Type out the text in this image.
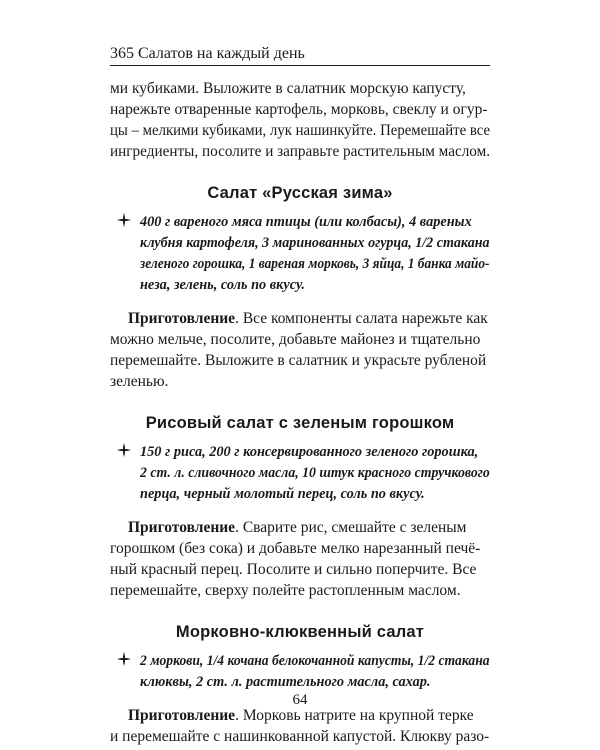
365 Салатов на каждый день
ми кубиками. Выложите в салатник морскую капусту,
нарежьте отваренные картофель, морковь, свеклу и огур-
цы – мелкими кубиками, лук нашинкуйте. Перемешайте все
ингредиенты, посолите и заправьте растительным маслом.
Салат «Русская зима»
400 г вареного мяса птицы (или колбасы), 4 вареных
клубня картофеля, 3 маринованных огурца, 1/2 стакана
зеленого горошка, 1 вареная морковь, 3 яйца, 1 банка майо-
неза, зелень, соль по вкусу.
Приготовление. Все компоненты салата нарежьте как
можно мельче, посолите, добавьте майонез и тщательно
перемешайте. Выложите в салатник и украсьте рубленой
зеленью.
Рисовый салат с зеленым горошком
150 г риса, 200 г консервированного зеленого горошка,
2 ст. л. сливочного масла, 10 штук красного стручкового
перца, черный молотый перец, соль по вкусу.
Приготовление. Сварите рис, смешайте с зеленым
горошком (без сока) и добавьте мелко нарезанный печё-
ный красный перец. Посолите и сильно поперчите. Все
перемешайте, сверху полейте растопленным маслом.
Морковно-клюквенный салат
2 моркови, 1/4 кочана белокочанной капусты, 1/2 стакана
клюквы, 2 ст. л. растительного масла, сахар.
Приготовление. Морковь натрите на крупной терке
и перемешайте с нашинкованной капустой. Клюкву разо-
64
